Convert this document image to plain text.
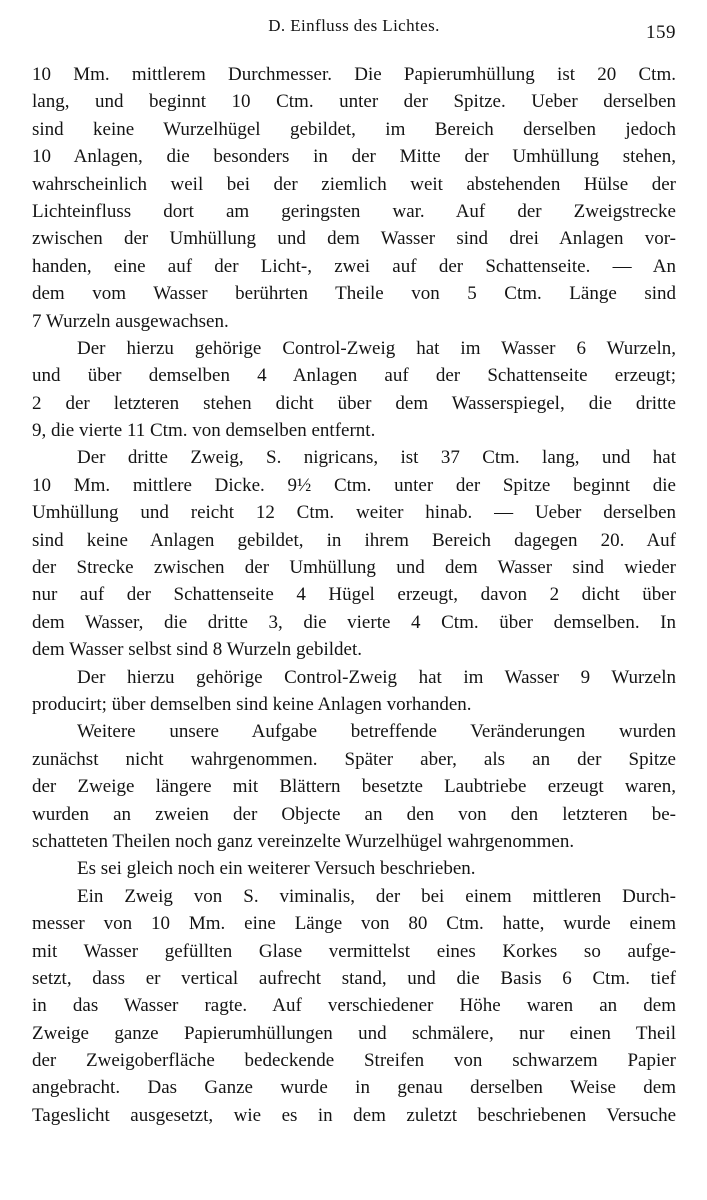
D. Einfluss des Lichtes.	159
10 Mm. mittlerem Durchmesser. Die Papierumhüllung ist 20 Ctm.
lang, und beginnt 10 Ctm. unter der Spitze. Ueber derselben
sind keine Wurzelhügel gebildet, im Bereich derselben jedoch
10 Anlagen, die besonders in der Mitte der Umhüllung stehen,
wahrscheinlich weil bei der ziemlich weit abstehenden Hülse der
Lichteinfluss dort am geringsten war. Auf der Zweigstrecke
zwischen der Umhüllung und dem Wasser sind drei Anlagen vor-
handen, eine auf der Licht-, zwei auf der Schattenseite. — An
dem vom Wasser berührten Theile von 5 Ctm. Länge sind
7 Wurzeln ausgewachsen.
Der hierzu gehörige Control-Zweig hat im Wasser 6 Wurzeln,
und über demselben 4 Anlagen auf der Schattenseite erzeugt;
2 der letzteren stehen dicht über dem Wasserspiegel, die dritte
9, die vierte 11 Ctm. von demselben entfernt.
Der dritte Zweig, S. nigricans, ist 37 Ctm. lang, und hat
10 Mm. mittlere Dicke. 9½ Ctm. unter der Spitze beginnt die
Umhüllung und reicht 12 Ctm. weiter hinab. — Ueber derselben
sind keine Anlagen gebildet, in ihrem Bereich dagegen 20. Auf
der Strecke zwischen der Umhüllung und dem Wasser sind wieder
nur auf der Schattenseite 4 Hügel erzeugt, davon 2 dicht über
dem Wasser, die dritte 3, die vierte 4 Ctm. über demselben. In
dem Wasser selbst sind 8 Wurzeln gebildet.
Der hierzu gehörige Control-Zweig hat im Wasser 9 Wurzeln
producirt; über demselben sind keine Anlagen vorhanden.
Weitere unsere Aufgabe betreffende Veränderungen wurden
zunächst nicht wahrgenommen. Später aber, als an der Spitze
der Zweige längere mit Blättern besetzte Laubtriebe erzeugt waren,
wurden an zweien der Objecte an den von den letzteren be-
schatteten Theilen noch ganz vereinzelte Wurzelhügel wahrgenommen.
Es sei gleich noch ein weiterer Versuch beschrieben.
Ein Zweig von S. viminalis, der bei einem mittleren Durch-
messer von 10 Mm. eine Länge von 80 Ctm. hatte, wurde einem
mit Wasser gefüllten Glase vermittelst eines Korkes so aufge-
setzt, dass er vertical aufrecht stand, und die Basis 6 Ctm. tief
in das Wasser ragte. Auf verschiedener Höhe waren an dem
Zweige ganze Papierumhüllungen und schmälere, nur einen Theil
der Zweigoberfläche bedeckende Streifen von schwarzem Papier
angebracht. Das Ganze wurde in genau derselben Weise dem
Tageslicht ausgesetzt, wie es in dem zuletzt beschriebenen Versuche
